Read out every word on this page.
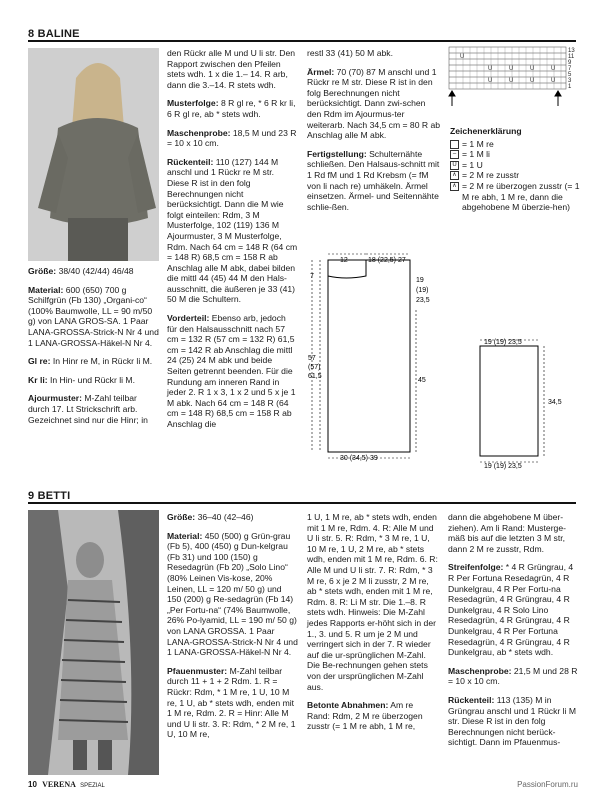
8 BALINE

Größe: 38/40 (42/44) 46/48

Material: 600 (650) 700 g Schilfgrün (Fb 130) „Organi-co“ (100% Baumwolle, LL = 90 m/50 g) von LANA GROS-SA. 1 Paar LANA-GROSSA-Strick-N Nr 4 und 1 LANA-GROSSA-Häkel-N Nr 4.

Gl re: In Hinr re M, in Rückr li M.

Kr li: In Hin- und Rückr li M.

Ajourmuster: M-Zahl teilbar durch 17. Lt Strickschrift arb. Gezeichnet sind nur die Hinr; in

den Rückr alle M und U li str. Den Rapport zwischen den Pfeilen stets wdh. 1 x die 1.– 14. R arb, dann die 3.–14. R stets wdh.

Musterfolge: 8 R gl re, * 6 R kr li, 6 R gl re, ab * stets wdh.

Maschenprobe: 18,5 M und 23 R = 10 x 10 cm.

Rückenteil: 110 (127) 144 M anschl und 1 Rückr re M str. Diese R ist in den folg Berechnungen nicht berücksichtigt. Dann die M wie folgt einteilen: Rdm, 3 M Musterfolge, 102 (119) 136 M Ajourmuster, 3 M Musterfolge, Rdm. Nach 64 cm = 148 R (64 cm = 148 R) 68,5 cm = 158 R ab Anschlag alle M abk, dabei bilden die mittl 44 (45) 44 M den Hals-ausschnitt, die äußeren je 33 (41) 50 M die Schultern.

Vorderteil: Ebenso arb, jedoch für den Halsausschnitt nach 57 cm = 132 R (57 cm = 132 R) 61,5 cm = 142 R ab Anschlag die mittl 24 (25) 24 M abk und beide Seiten getrennt beenden. Für die Rundung am inneren Rand in jeder 2. R 1 x 3, 1 x 2 und 5 x je 1 M abk. Nach 64 cm = 148 R (64 cm = 148 R) 68,5 cm = 158 R ab Anschlag die

restl 33 (41) 50 M abk.

Ärmel: 70 (70) 87 M anschl und 1 Rückr re M str. Diese R ist in den folg Berechnungen nicht berücksichtigt. Dann zwi-schen den Rdm im Ajourmus-ter weiterarb. Nach 34,5 cm = 80 R ab Anschlag alle M abk.

Fertigstellung: Schulternähte schließen. Den Halsaus-schnitt mit 1 Rd fM und 1 Rd Krebsm (= fM von li nach re) umhäkeln. Ärmel einsetzen. Ärmel- und Seitennähte schlie-ßen.

U
U	U	U	U
U	U	U	U
13
11
9
7
5
3
1
Zeichenerklärung
= 1 M re
– = 1 M li
U = 1 U
∧ = 2 M re zusstr
∧ = 2 M re überzogen zusstr (= 1 M re abh, 1 M re, dann die abgehobene M überzie-hen)
12	18 (22,5) 27
7
19
(19)
23,5
57
(57)
61,5
45
30 (34,5) 39
19 (19) 23,5
34,5
19 (19) 23,5
9 BETTI

Größe: 36–40 (42–46)

Material: 450 (500) g Grün-grau (Fb 5), 400 (450) g Dun-kelgrau (Fb 31) und 100 (150) g Resedagrün (Fb 20) „Solo Lino“ (80% Leinen Vis-kose, 20% Leinen, LL = 120 m/ 50 g) und 150 (200) g Re-sedagrün (Fb 14) „Per Fortu-na“ (74% Baumwolle, 26% Po-lyamid, LL = 190 m/ 50 g) von LANA GROSSA. 1 Paar LANA-GROSSA-Strick-N Nr 4 und 1 LANA-GROSSA-Häkel-N Nr 4.

Pfauenmuster: M-Zahl teilbar durch 11 + 1 + 2 Rdm. 1. R = Rückr: Rdm, * 1 M re, 1 U, 10 M re, 1 U, ab * stets wdh, enden mit 1 M re, Rdm. 2. R = Hinr: Alle M und U li str. 3. R: Rdm, * 2 M re, 1 U, 10 M re,

1 U, 1 M re, ab * stets wdh, enden mit 1 M re, Rdm. 4. R: Alle M und U li str. 5. R: Rdm, * 3 M re, 1 U, 10 M re, 1 U, 2 M re, ab * stets wdh, enden mit 1 M re, Rdm. 6. R: Alle M und U li str. 7. R: Rdm, * 3 M re, 6 x je 2 M li zusstr, 2 M re, ab * stets wdh, enden mit 1 M re, Rdm. 8. R: Li M str. Die 1.–8. R stets wdh. Hinweis: Die M-Zahl jedes Rapports er-höht sich in der 1., 3. und 5. R um je 2 M und verringert sich in der 7. R wieder auf die ur-sprünglichen M-Zahl. Die Be-rechnungen gehen stets von der ursprünglichen M-Zahl aus.

Betonte Abnahmen: Am re Rand: Rdm, 2 M re überzogen zusstr (= 1 M re abh, 1 M re,

dann die abgehobene M über-ziehen). Am li Rand: Musterge-mäß bis auf die letzten 3 M str, dann 2 M re zusstr, Rdm.

Streifenfolge: * 4 R Grüngrau, 4 R Per Fortuna Resedagrün, 4 R Dunkelgrau, 4 R Per Fortu-na Resedagrün, 4 R Grüngrau, 4 R Dunkelgrau, 4 R Solo Lino Resedagrün, 4 R Grüngrau, 4 R Dunkelgrau, 4 R Per Fortuna Resedagrün, 4 R Grüngrau, 4 R Dunkelgrau, ab * stets wdh.

Maschenprobe: 21,5 M und 28 R = 10 x 10 cm.

Rückenteil: 113 (135) M in Grüngrau anschl und 1 Rückr li M str. Diese R ist in den folg Berechnungen nicht berück-sichtigt. Dann im Pfauenmus-

10 VERENA SPEZIAL	PassionForum.ru
